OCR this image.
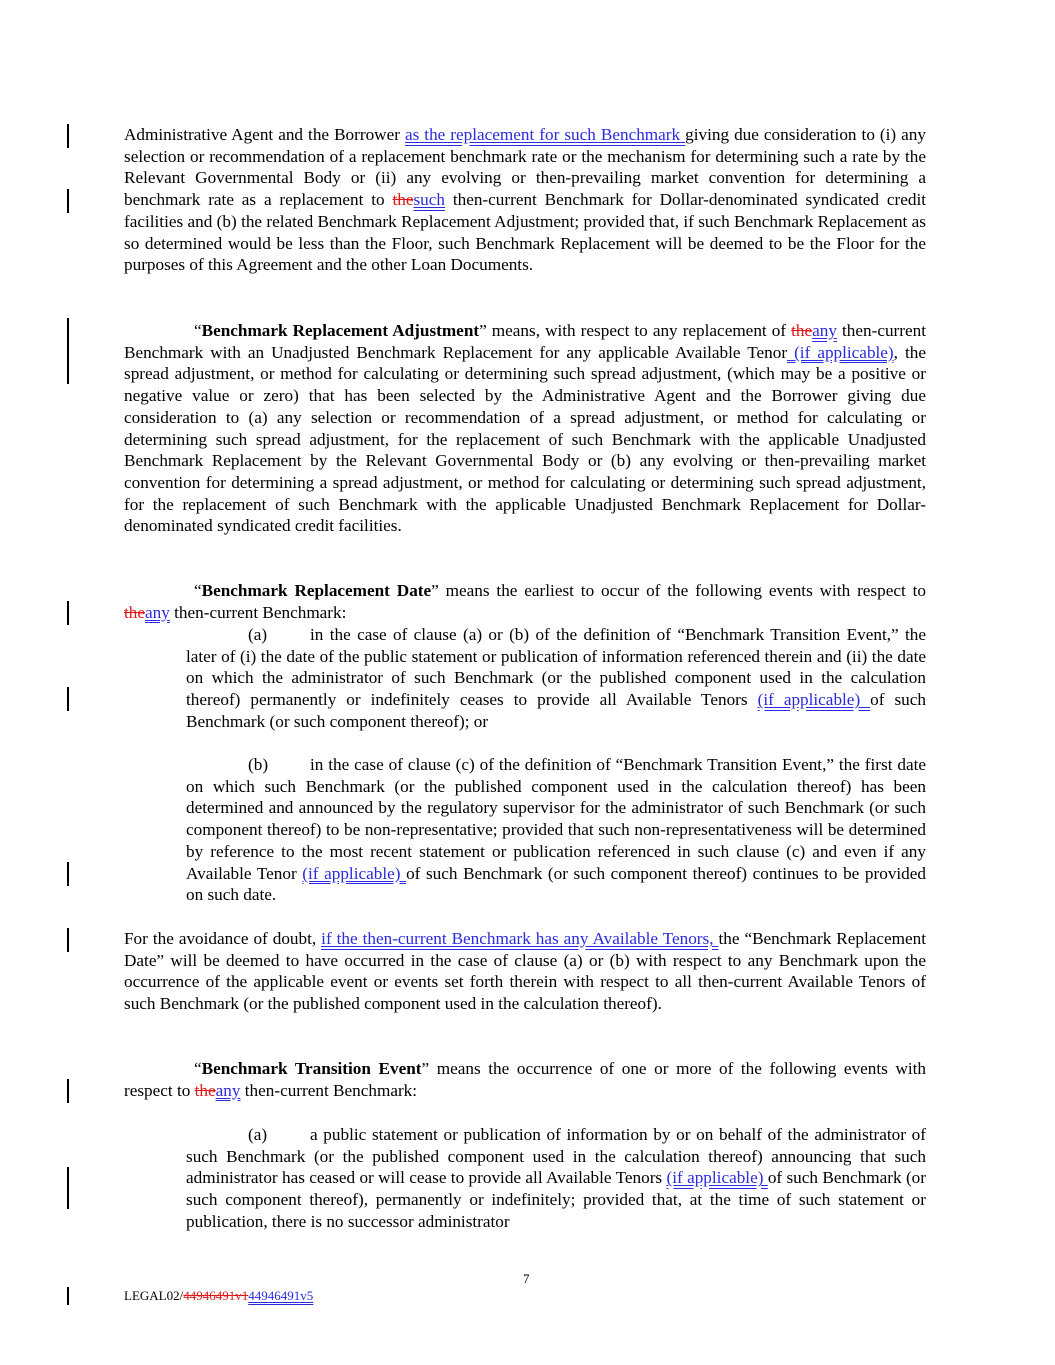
Administrative Agent and the Borrower as the replacement for such Benchmark giving due consideration to (i) any selection or recommendation of a replacement benchmark rate or the mechanism for determining such a rate by the Relevant Governmental Body or (ii) any evolving or then-prevailing market convention for determining a benchmark rate as a replacement to thesuch then-current Benchmark for Dollar-denominated syndicated credit facilities and (b) the related Benchmark Replacement Adjustment; provided that, if such Benchmark Replacement as so determined would be less than the Floor, such Benchmark Replacement will be deemed to be the Floor for the purposes of this Agreement and the other Loan Documents.

“Benchmark Replacement Adjustment” means, with respect to any replacement of theany then-current Benchmark with an Unadjusted Benchmark Replacement for any applicable Available Tenor (if applicable), the spread adjustment, or method for calculating or determining such spread adjustment, (which may be a positive or negative value or zero) that has been selected by the Administrative Agent and the Borrower giving due consideration to (a) any selection or recommendation of a spread adjustment, or method for calculating or determining such spread adjustment, for the replacement of such Benchmark with the applicable Unadjusted Benchmark Replacement by the Relevant Governmental Body or (b) any evolving or then-prevailing market convention for determining a spread adjustment, or method for calculating or determining such spread adjustment, for the replacement of such Benchmark with the applicable Unadjusted Benchmark Replacement for Dollar-denominated syndicated credit facilities.

“Benchmark Replacement Date” means the earliest to occur of the following events with respect to theany then-current Benchmark:

(a) in the case of clause (a) or (b) of the definition of “Benchmark Transition Event,” the later of (i) the date of the public statement or publication of information referenced therein and (ii) the date on which the administrator of such Benchmark (or the published component used in the calculation thereof) permanently or indefinitely ceases to provide all Available Tenors (if applicable) of such Benchmark (or such component thereof); or

(b) in the case of clause (c) of the definition of “Benchmark Transition Event,” the first date on which such Benchmark (or the published component used in the calculation thereof) has been determined and announced by the regulatory supervisor for the administrator of such Benchmark (or such component thereof) to be non-representative; provided that such non-representativeness will be determined by reference to the most recent statement or publication referenced in such clause (c) and even if any Available Tenor (if applicable) of such Benchmark (or such component thereof) continues to be provided on such date.

For the avoidance of doubt, if the then-current Benchmark has any Available Tenors, the “Benchmark Replacement Date” will be deemed to have occurred in the case of clause (a) or (b) with respect to any Benchmark upon the occurrence of the applicable event or events set forth therein with respect to all then-current Available Tenors of such Benchmark (or the published component used in the calculation thereof).

“Benchmark Transition Event” means the occurrence of one or more of the following events with respect to theany then-current Benchmark:

(a) a public statement or publication of information by or on behalf of the administrator of such Benchmark (or the published component used in the calculation thereof) announcing that such administrator has ceased or will cease to provide all Available Tenors (if applicable) of such Benchmark (or such component thereof), permanently or indefinitely; provided that, at the time of such statement or publication, there is no successor administrator

7
LEGAL02/44946491v144946491v5
